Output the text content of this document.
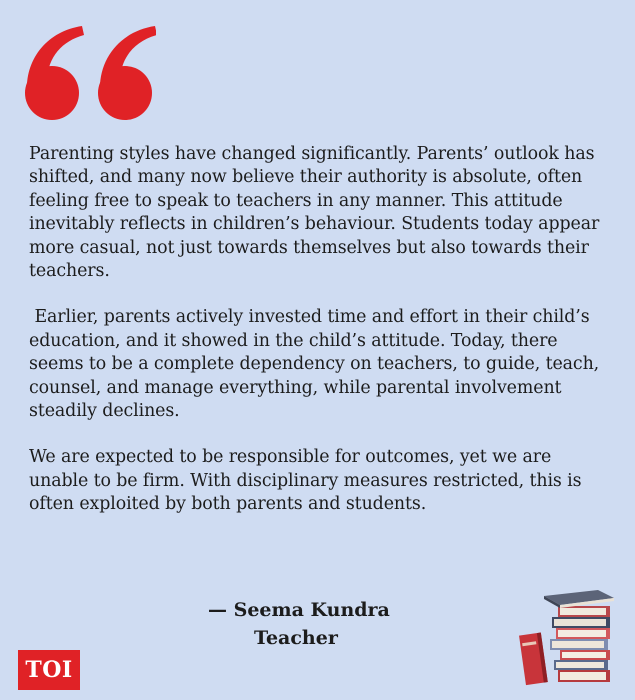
Parenting styles have changed significantly. Parents’ outlook has shifted, and many now believe their authority is absolute, often feeling free to speak to teachers in any manner. This attitude inevitably reflects in children’s behaviour. Students today appear more casual, not just towards themselves but also towards their teachers.

Earlier, parents actively invested time and effort in their child’s education, and it showed in the child’s attitude. Today, there seems to be a complete dependency on teachers, to guide, teach, counsel, and manage everything, while parental involvement steadily declines.

We are expected to be responsible for outcomes, yet we are unable to be firm. With disciplinary measures restricted, this is often exploited by both parents and students.

— Seema Kundra
Teacher
TOI
